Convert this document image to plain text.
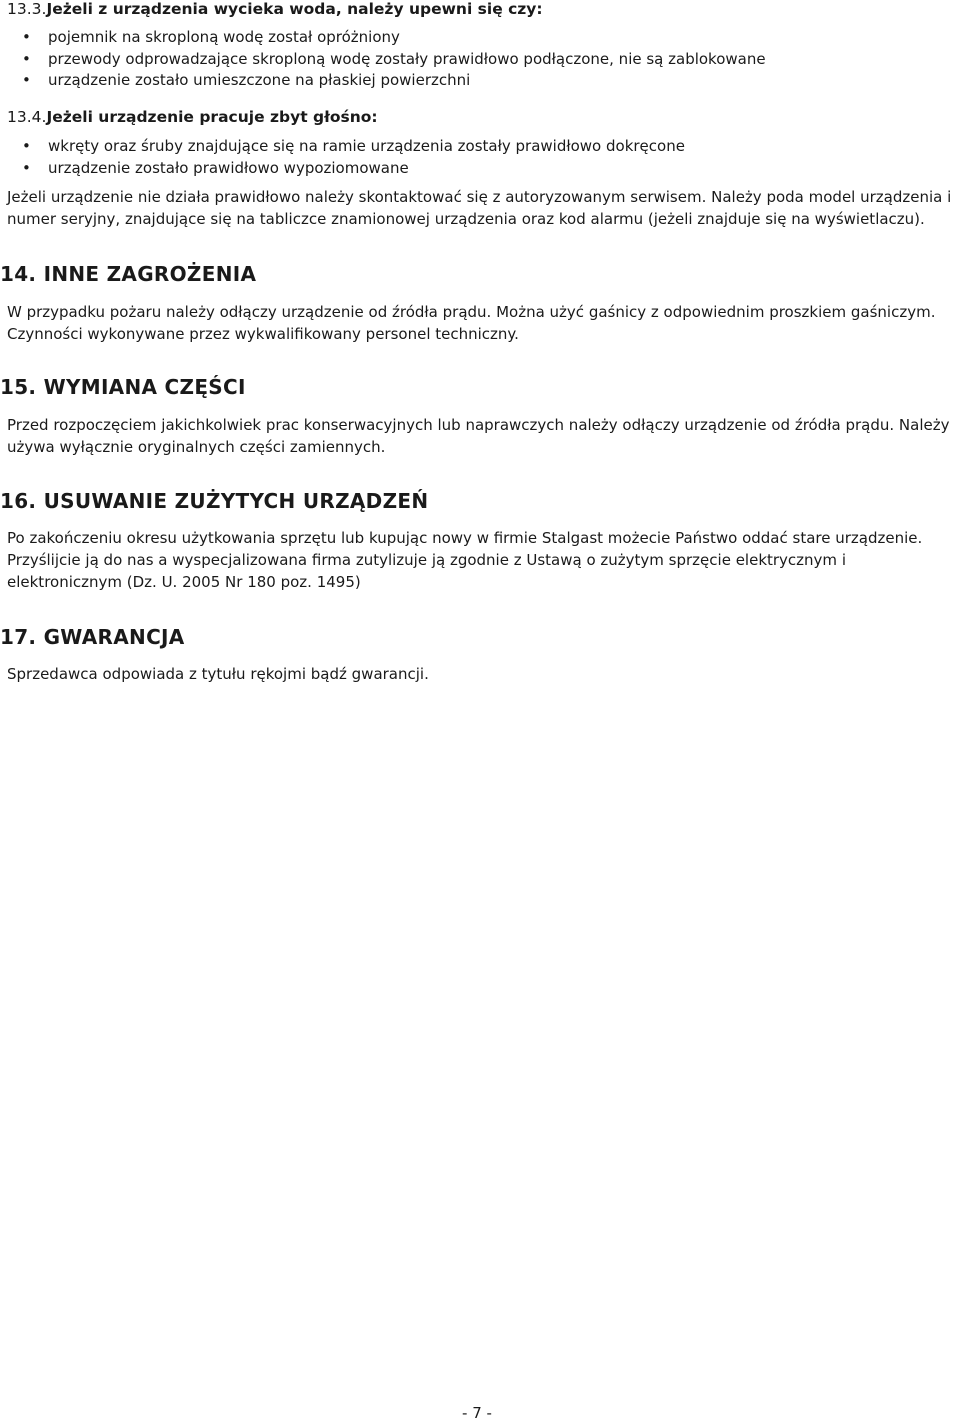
13.3.Jeżeli z urządzenia wycieka woda, należy upewni się czy:
• pojemnik na skroploną wodę został opróżniony
• przewody odprowadzające skroploną wodę zostały prawidłowo podłączone, nie są zablokowane
• urządzenie zostało umieszczone na płaskiej powierzchni
13.4.Jeżeli urządzenie pracuje zbyt głośno:
• wkręty oraz śruby znajdujące się na ramie urządzenia zostały prawidłowo dokręcone
• urządzenie zostało prawidłowo wypoziomowane

Jeżeli urządzenie nie działa prawidłowo należy skontaktować się z autoryzowanym serwisem. Należy poda model urządzenia i numer seryjny, znajdujące się na tabliczce znamionowej urządzenia oraz kod alarmu (jeżeli znajduje się na wyświetlaczu).

14. INNE ZAGROŻENIA

W przypadku pożaru należy odłączy urządzenie od źródła prądu. Można użyć gaśnicy z odpowiednim proszkiem gaśniczym. Czynności wykonywane przez wykwalifikowany personel techniczny.

15. WYMIANA CZĘŚCI

Przed rozpoczęciem jakichkolwiek prac konserwacyjnych lub naprawczych należy odłączy urządzenie od źródła prądu. Należy używa wyłącznie oryginalnych części zamiennych.

16. USUWANIE ZUŻYTYCH URZĄDZEŃ

Po zakończeniu okresu użytkowania sprzętu lub kupując nowy w firmie Stalgast możecie Państwo oddać stare urządzenie. Przyślijcie ją do nas a wyspecjalizowana firma zutylizuje ją zgodnie z Ustawą o zużytym sprzęcie elektrycznym i elektronicznym (Dz. U. 2005 Nr 180 poz. 1495)

17. GWARANCJA

Sprzedawca odpowiada z tytułu rękojmi bądź gwarancji.

- 7 -
